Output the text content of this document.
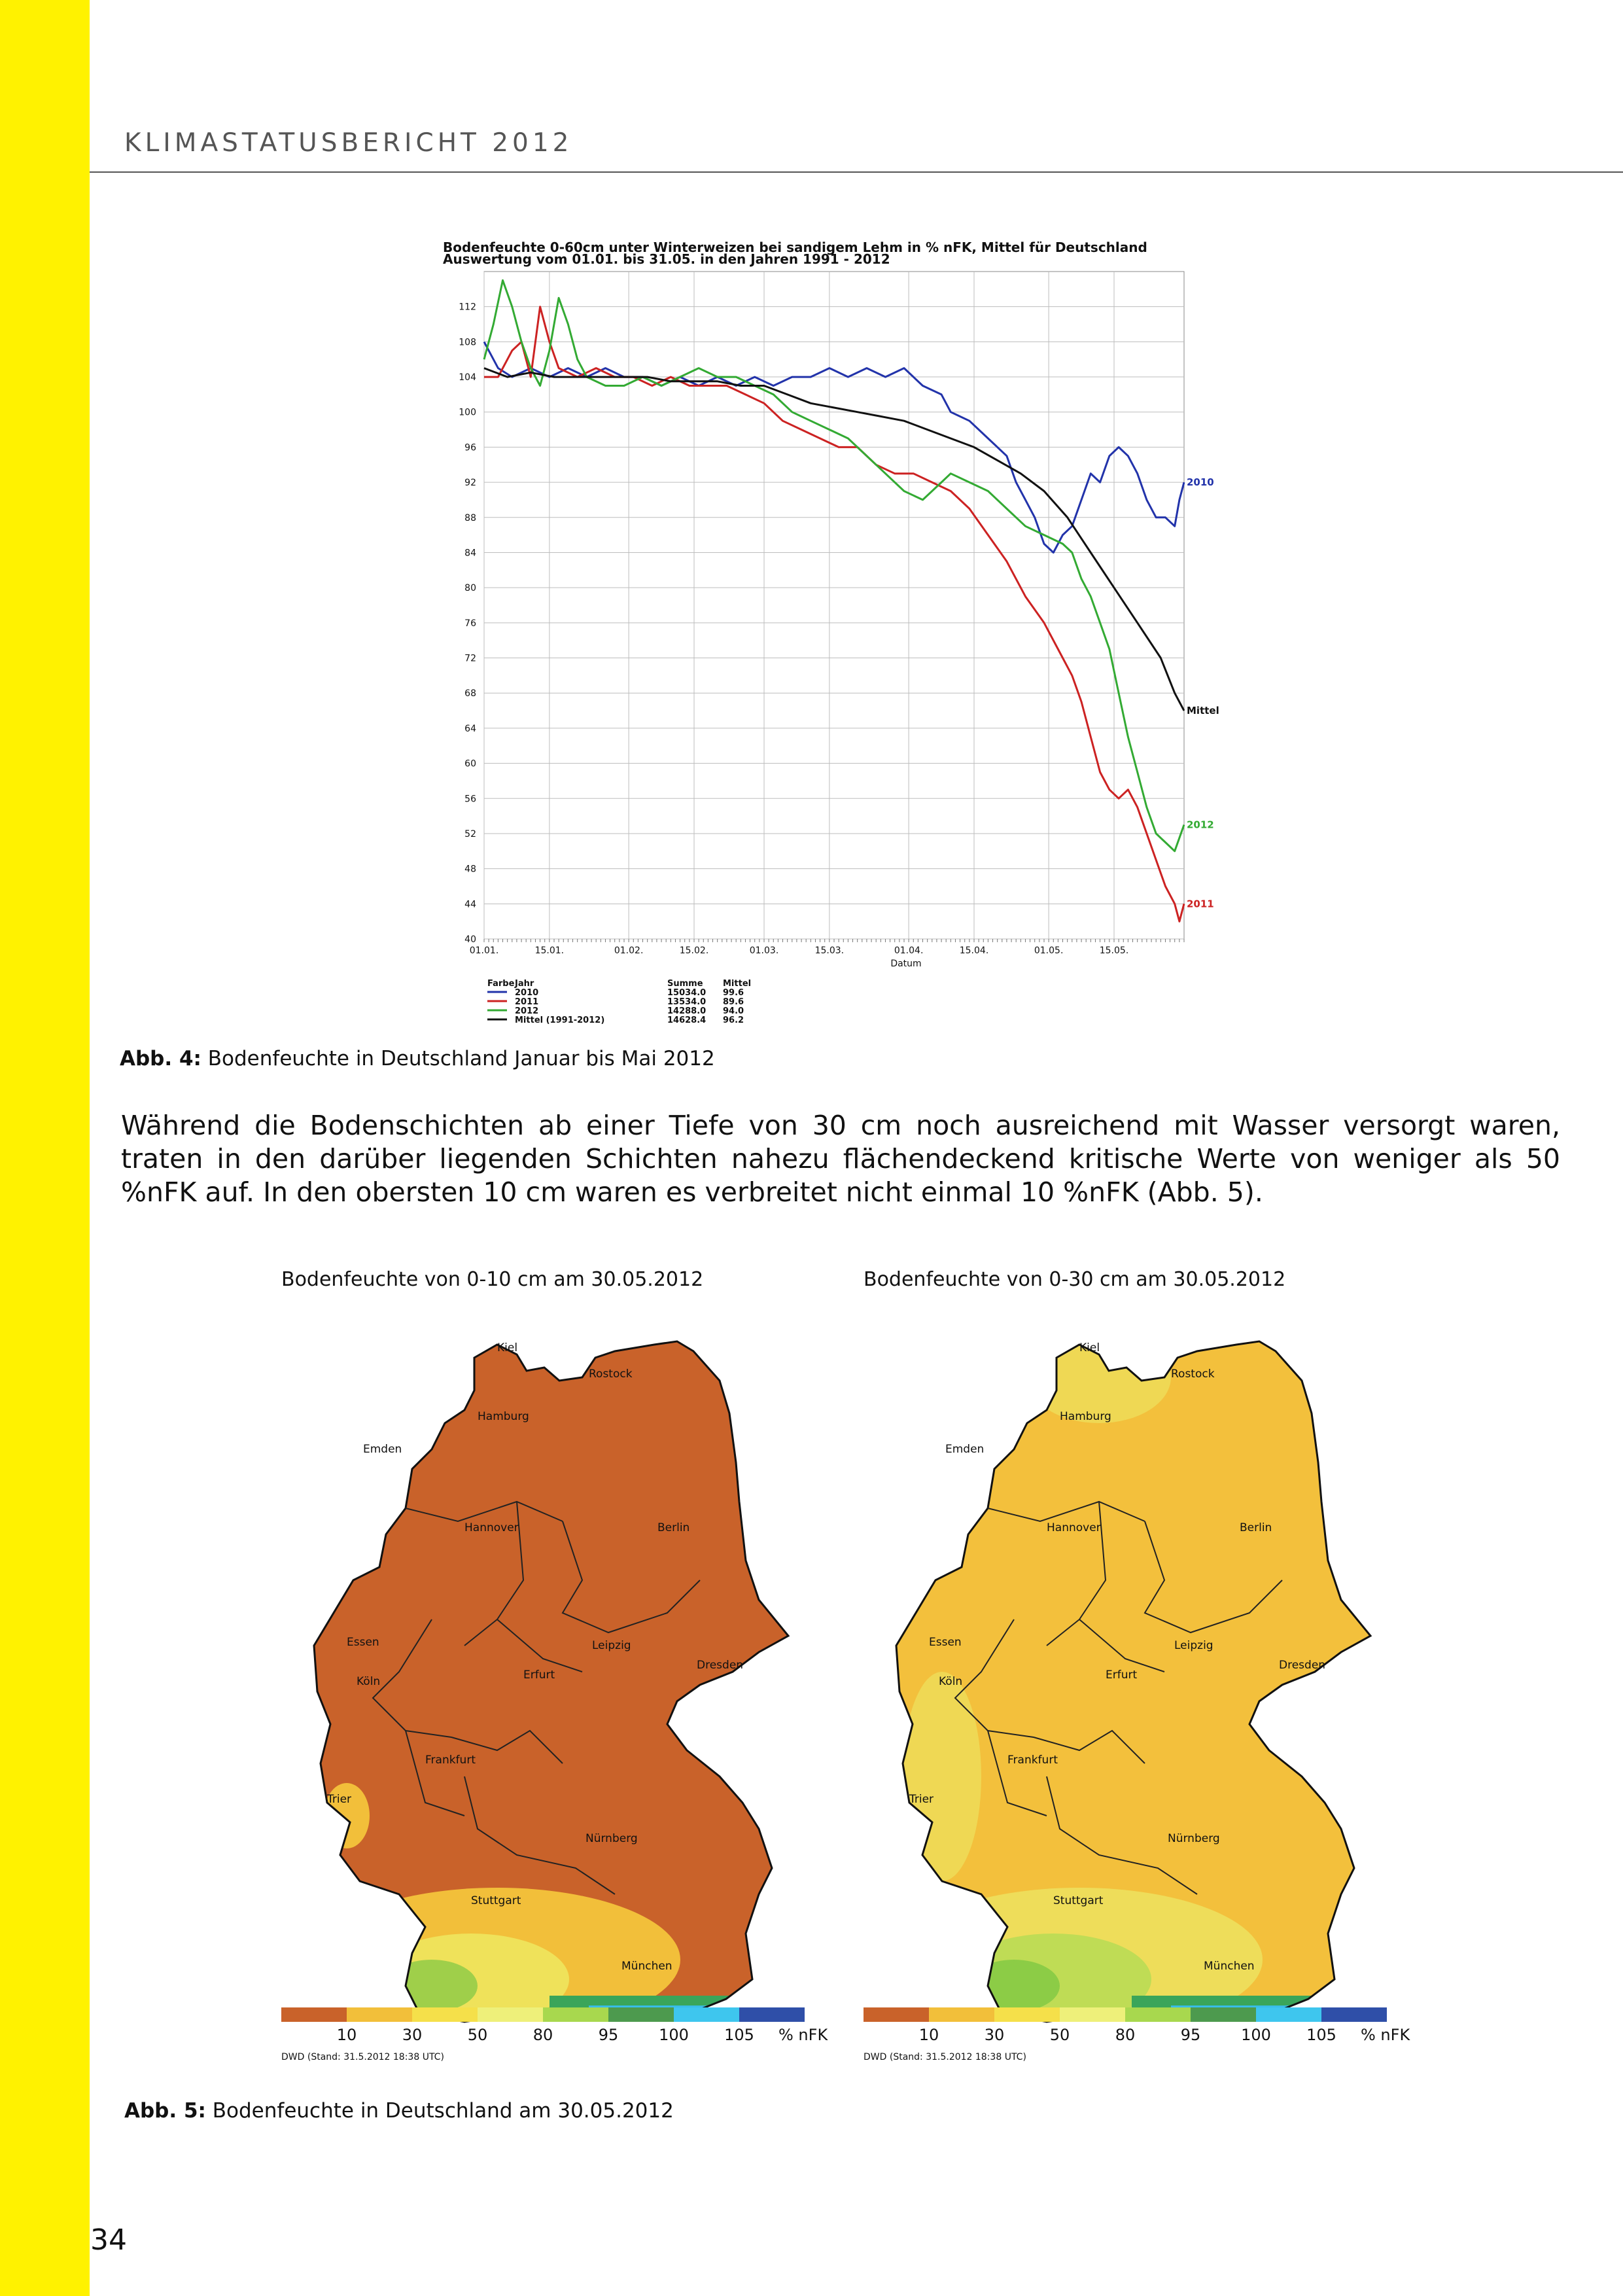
KLIMASTATUSBERICHT 2012
Bodenfeuchte 0-60cm unter Winterweizen bei sandigem Lehm in % nFK, Mittel für Deutschland
Auswertung vom 01.01. bis 31.05. in den Jahren 1991 - 2012
40
44
48
52
56
60
64
68
72
76
80
84
88
92
96
100
104
108
112
01.01.	15.01.	01.02.	15.02.	01.03.	15.03.	01.04.	15.04.	01.05.	15.05.
Datum
2010
2011
2012
Mittel
Farbe Jahr	Summe Mittel
2010	15034.0 99.6
2011	13534.0 89.6
2012	14288.0 94.0
Mittel (1991-2012)	14628.4 96.2
Abb. 4: Bodenfeuchte in Deutschland Januar bis Mai 2012
Während die Bodenschichten ab einer Tiefe von 30 cm noch ausreichend mit Wasser versorgt waren, traten in den darüber liegenden Schichten nahezu flächendeckend kritische Werte von weniger als 50 %nFK auf. In den obersten 10 cm waren es verbreitet nicht einmal 10 %nFK (Abb. 5).
Bodenfeuchte von 0-10 cm am 30.05.2012
Kiel
Rostock
Hamburg
Emden
Hannover	Berlin
Essen	Leipzig
Dresden
Köln	Erfurt
Frankfurt
Trier
Nürnberg
Stuttgart
München
10	30	50	80	95	100 105 % nFK
DWD (Stand: 31.5.2012 18:38 UTC)
Bodenfeuchte von 0-30 cm am 30.05.2012
Kiel
Rostock
Hamburg
Emden
Hannover	Berlin
Essen	Leipzig
Dresden
Köln	Erfurt
Frankfurt
Trier
Nürnberg
Stuttgart
München
10	30	50	80	95	100 105 % nFK
DWD (Stand: 31.5.2012 18:38 UTC)
Abb. 5: Bodenfeuchte in Deutschland am 30.05.2012
34
